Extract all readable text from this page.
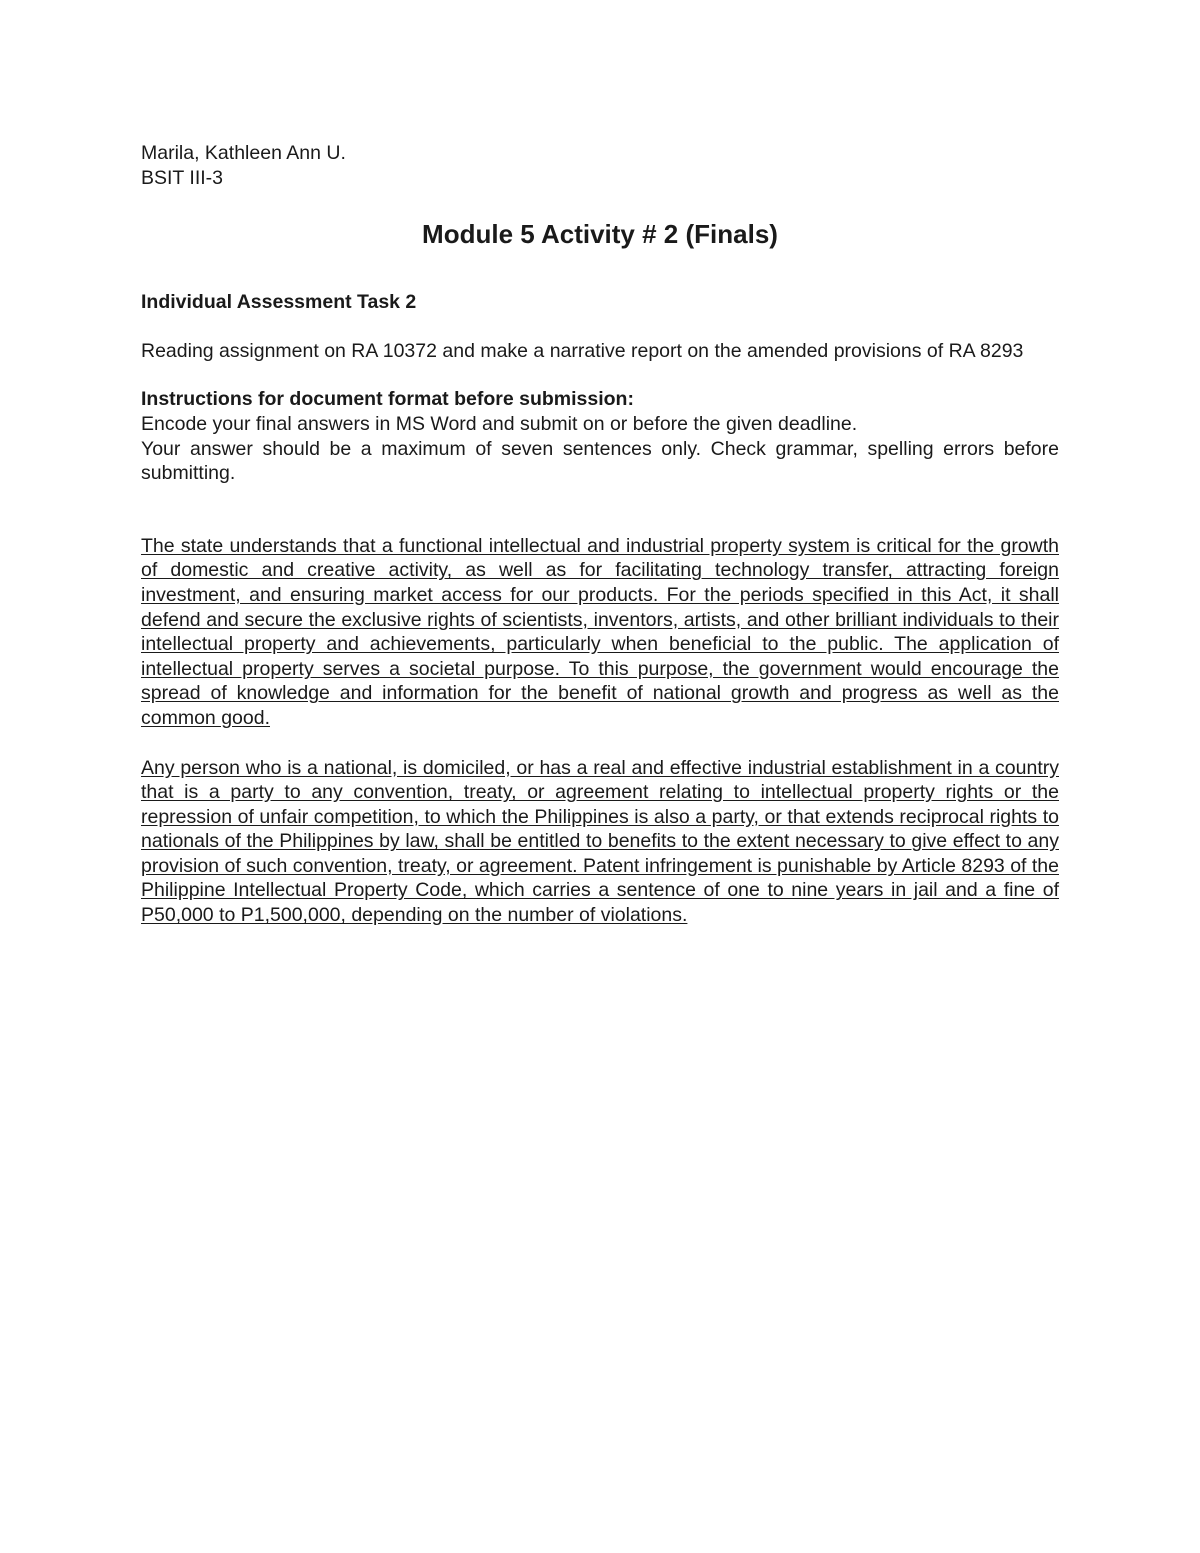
Marila, Kathleen Ann U.

BSIT III-3

Module 5 Activity # 2 (Finals)

Individual Assessment Task 2

Reading assignment on RA 10372 and make a narrative report on the amended provisions of RA 8293

Instructions for document format before submission:

Encode your final answers in MS Word and submit on or before the given deadline.

Your answer should be a maximum of seven sentences only. Check grammar, spelling errors before submitting.

The state understands that a functional intellectual and industrial property system is critical for the growth of domestic and creative activity, as well as for facilitating technology transfer, attracting foreign investment, and ensuring market access for our products. For the periods specified in this Act, it shall defend and secure the exclusive rights of scientists, inventors, artists, and other brilliant individuals to their intellectual property and achievements, particularly when beneficial to the public. The application of intellectual property serves a societal purpose. To this purpose, the government would encourage the spread of knowledge and information for the benefit of national growth and progress as well as the common good.

Any person who is a national, is domiciled, or has a real and effective industrial establishment in a country that is a party to any convention, treaty, or agreement relating to intellectual property rights or the repression of unfair competition, to which the Philippines is also a party, or that extends reciprocal rights to nationals of the Philippines by law, shall be entitled to benefits to the extent necessary to give effect to any provision of such convention, treaty, or agreement. Patent infringement is punishable by Article 8293 of the Philippine Intellectual Property Code, which carries a sentence of one to nine years in jail and a fine of P50,000 to P1,500,000, depending on the number of violations.
